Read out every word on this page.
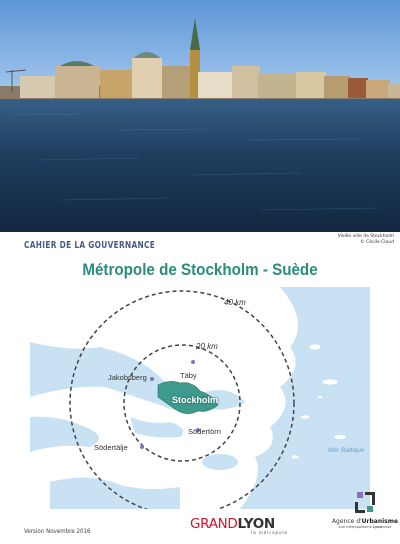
Vieille ville de Stockholm
© Cécile Cloud
CAHIER DE LA GOUVERNANCE
Métropole de Stockholm - Suède
40 km
20 km
Jakobsberg	Täby
Stockholm
Södertörn
Södertälje	Mer Baltique
Version Novembre 2016	GRANDLYON
la métropole
Agence d'Urbanisme
aire métropolitaine Lyonnaise
